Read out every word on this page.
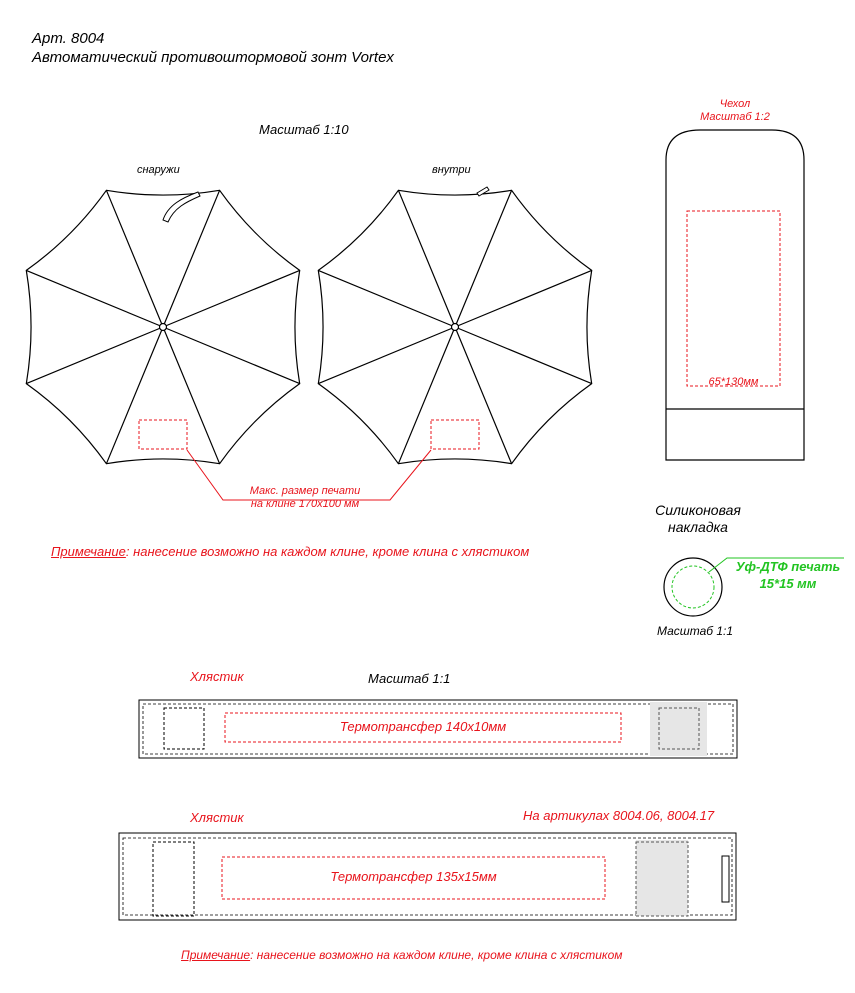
Арт. 8004
Автоматический противоштормовой зонт Vortex
Масштаб 1:10
снаружи	внутри
Макс. размер печати
на клине 170х100 мм
Примечание: нанесение возможно на каждом клине, кроме клина с хлястиком
Чехол
Масштаб 1:2
65*130мм
Силиконовая
накладка
Уф-ДТФ печать
15*15 мм
Масштаб 1:1
Хлястик	Масштаб 1:1
Термотрансфер 140х10мм
Хлястик	На артикулах 8004.06, 8004.17
Термотрансфер 135х15мм
Примечание: нанесение возможно на каждом клине, кроме клина с хлястиком
